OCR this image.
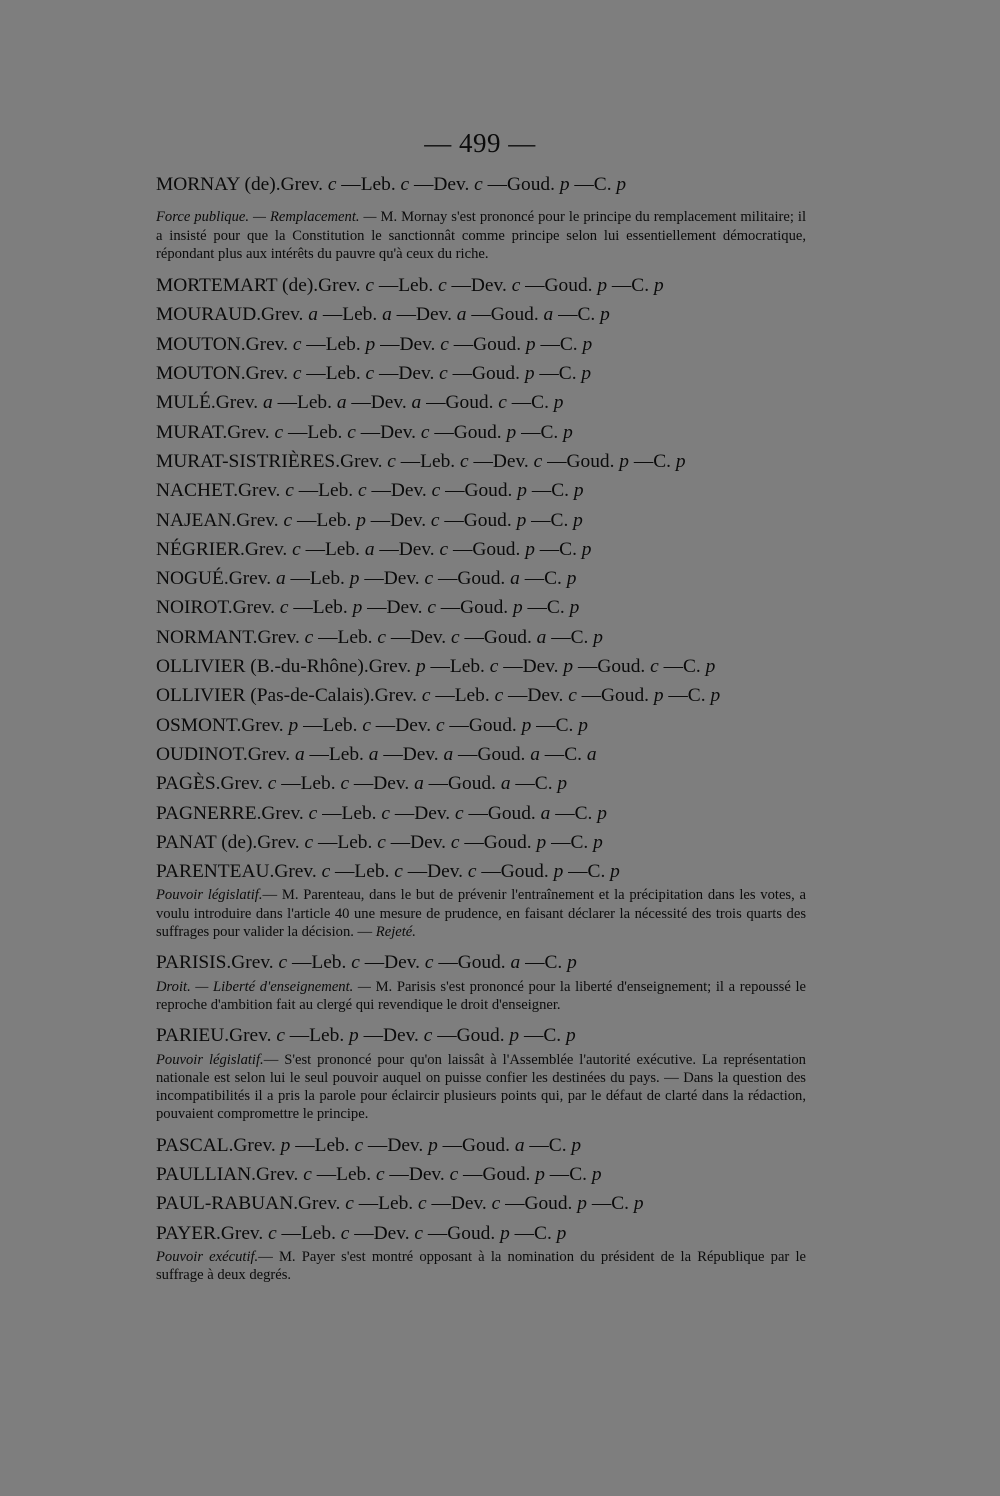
— 499 —
MORNAY (de).Grev. c —Leb. c —Dev. c —Goud. p —C. p
Force publique. — Remplacement. — M. Mornay s'est prononcé pour le principe du remplacement militaire; il a insisté pour que la Constitution le sanctionnât comme principe selon lui essentiellement démocratique, répondant plus aux intérêts du pauvre qu'à ceux du riche.
MORTEMART (de).Grev. c —Leb. c —Dev. c —Goud. p —C. p
MOURAUD.Grev. a —Leb. a —Dev. a —Goud. a —C. p
MOUTON.Grev. c —Leb. p —Dev. c —Goud. p —C. p
MOUTON.Grev. c —Leb. c —Dev. c —Goud. p —C. p
MULÉ.Grev. a —Leb. a —Dev. a —Goud. c —C. p
MURAT.Grev. c —Leb. c —Dev. c —Goud. p —C. p
MURAT-SISTRIÈRES.Grev. c —Leb. c —Dev. c —Goud. p —C. p
NACHET.Grev. c —Leb. c —Dev. c —Goud. p —C. p
NAJEAN.Grev. c —Leb. p —Dev. c —Goud. p —C. p
NÉGRIER.Grev. c —Leb. a —Dev. c —Goud. p —C. p
NOGUÉ.Grev. a —Leb. p —Dev. c —Goud. a —C. p
NOIROT.Grev. c —Leb. p —Dev. c —Goud. p —C. p
NORMANT.Grev. c —Leb. c —Dev. c —Goud. a —C. p
OLLIVIER (B.-du-Rhône).Grev. p —Leb. c —Dev. p —Goud. c —C. p
OLLIVIER (Pas-de-Calais).Grev. c —Leb. c —Dev. c —Goud. p —C. p
OSMONT.Grev. p —Leb. c —Dev. c —Goud. p —C. p
OUDINOT.Grev. a —Leb. a —Dev. a —Goud. a —C. a
PAGÈS.Grev. c —Leb. c —Dev. a —Goud. a —C. p
PAGNERRE.Grev. c —Leb. c —Dev. c —Goud. a —C. p
PANAT (de).Grev. c —Leb. c —Dev. c —Goud. p —C. p
PARENTEAU.Grev. c —Leb. c —Dev. c —Goud. p —C. p
Pouvoir législatif.— M. Parenteau, dans le but de prévenir l'entraînement et la précipitation dans les votes, a voulu introduire dans l'article 40 une mesure de prudence, en faisant déclarer la nécessité des trois quarts des suffrages pour valider la décision. — Rejeté.
PARISIS.Grev. c —Leb. c —Dev. c —Goud. a —C. p
Droit. — Liberté d'enseignement. — M. Parisis s'est prononcé pour la liberté d'enseignement; il a repoussé le reproche d'ambition fait au clergé qui revendique le droit d'enseigner.
PARIEU.Grev. c —Leb. p —Dev. c —Goud. p —C. p
Pouvoir législatif.— S'est prononcé pour qu'on laissât à l'Assemblée l'autorité exécutive. La représentation nationale est selon lui le seul pouvoir auquel on puisse confier les destinées du pays. — Dans la question des incompatibilités il a pris la parole pour éclaircir plusieurs points qui, par le défaut de clarté dans la rédaction, pouvaient compromettre le principe.
PASCAL.Grev. p —Leb. c —Dev. p —Goud. a —C. p
PAULLIAN.Grev. c —Leb. c —Dev. c —Goud. p —C. p
PAUL-RABUAN.Grev. c —Leb. c —Dev. c —Goud. p —C. p
PAYER.Grev. c —Leb. c —Dev. c —Goud. p —C. p
Pouvoir exécutif.— M. Payer s'est montré opposant à la nomination du président de la République par le suffrage à deux degrés.
